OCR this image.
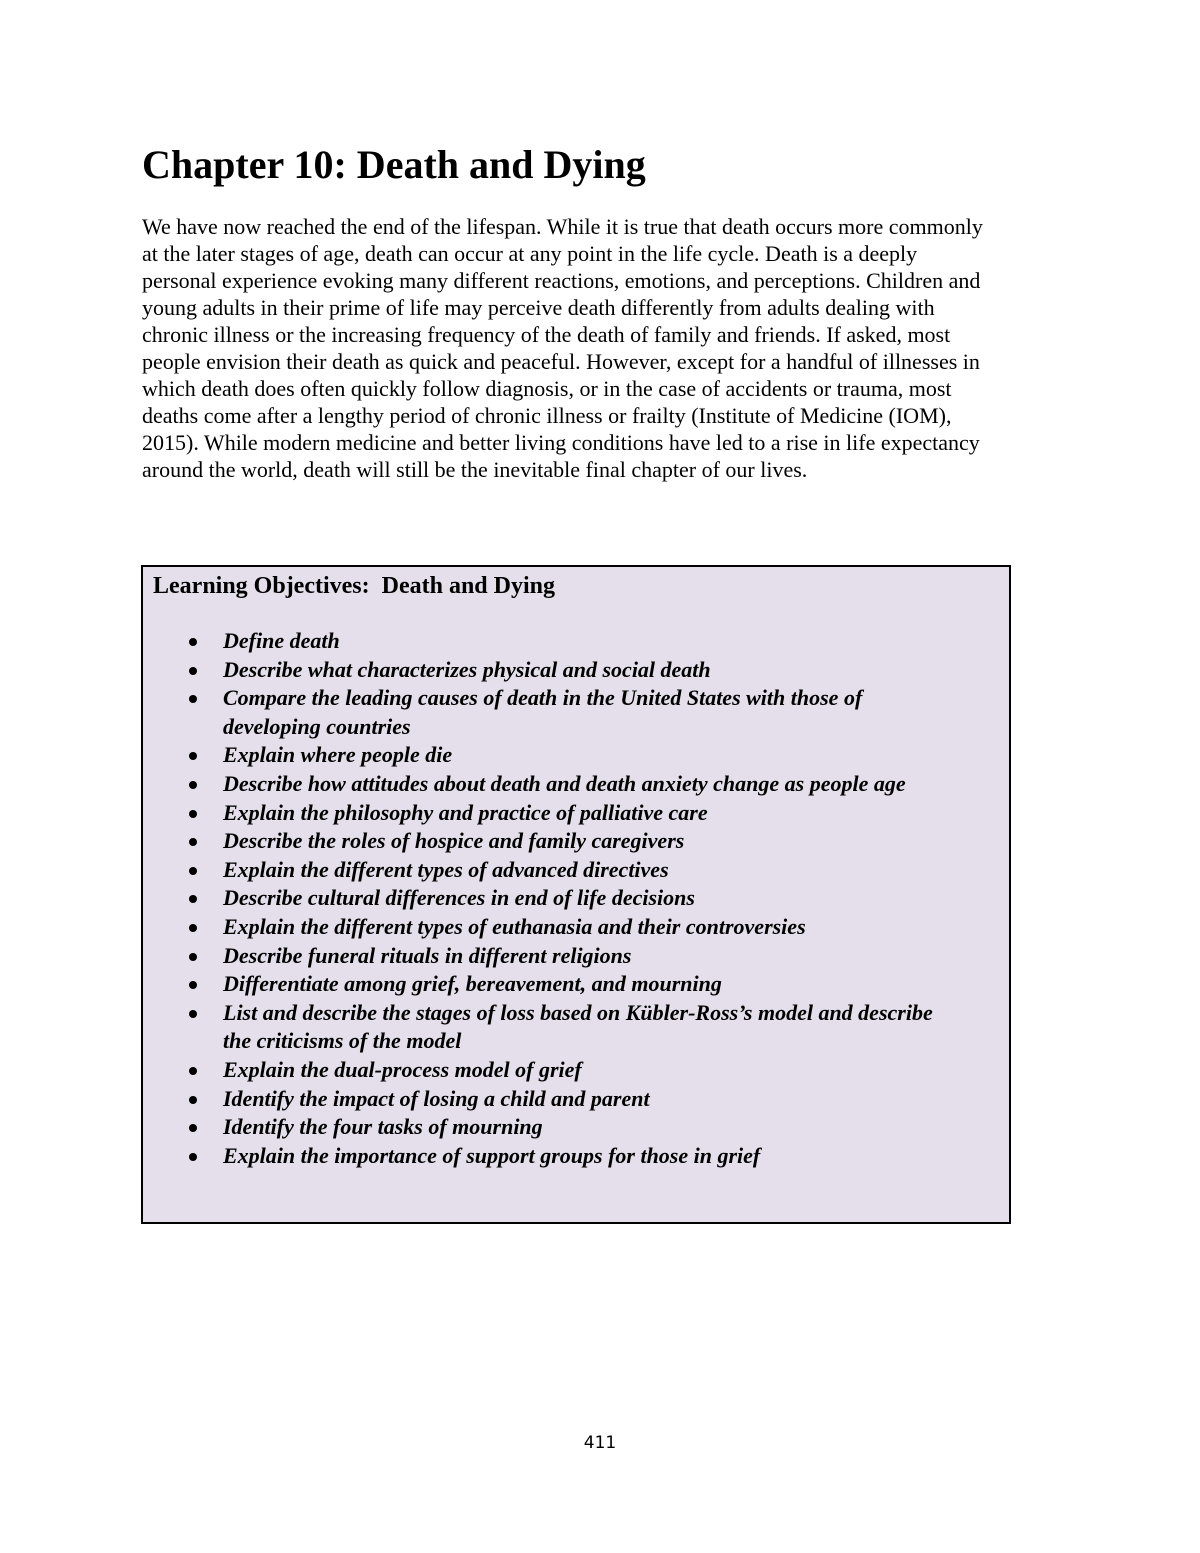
Chapter 10: Death and Dying

We have now reached the end of the lifespan. While it is true that death occurs more commonly
at the later stages of age, death can occur at any point in the life cycle. Death is a deeply
personal experience evoking many different reactions, emotions, and perceptions. Children and
young adults in their prime of life may perceive death differently from adults dealing with
chronic illness or the increasing frequency of the death of family and friends. If asked, most
people envision their death as quick and peaceful. However, except for a handful of illnesses in
which death does often quickly follow diagnosis, or in the case of accidents or trauma, most
deaths come after a lengthy period of chronic illness or frailty (Institute of Medicine (IOM),
2015). While modern medicine and better living conditions have led to a rise in life expectancy
around the world, death will still be the inevitable final chapter of our lives.

Learning Objectives:  Death and Dying
Define death
Describe what characterizes physical and social death
Compare the leading causes of death in the United States with those of
developing countries
Explain where people die
Describe how attitudes about death and death anxiety change as people age
Explain the philosophy and practice of palliative care
Describe the roles of hospice and family caregivers
Explain the different types of advanced directives
Describe cultural differences in end of life decisions
Explain the different types of euthanasia and their controversies
Describe funeral rituals in different religions
Differentiate among grief, bereavement, and mourning
List and describe the stages of loss based on Kübler-Ross’s model and describe
the criticisms of the model
Explain the dual-process model of grief
Identify the impact of losing a child and parent
Identify the four tasks of mourning
Explain the importance of support groups for those in grief
411
